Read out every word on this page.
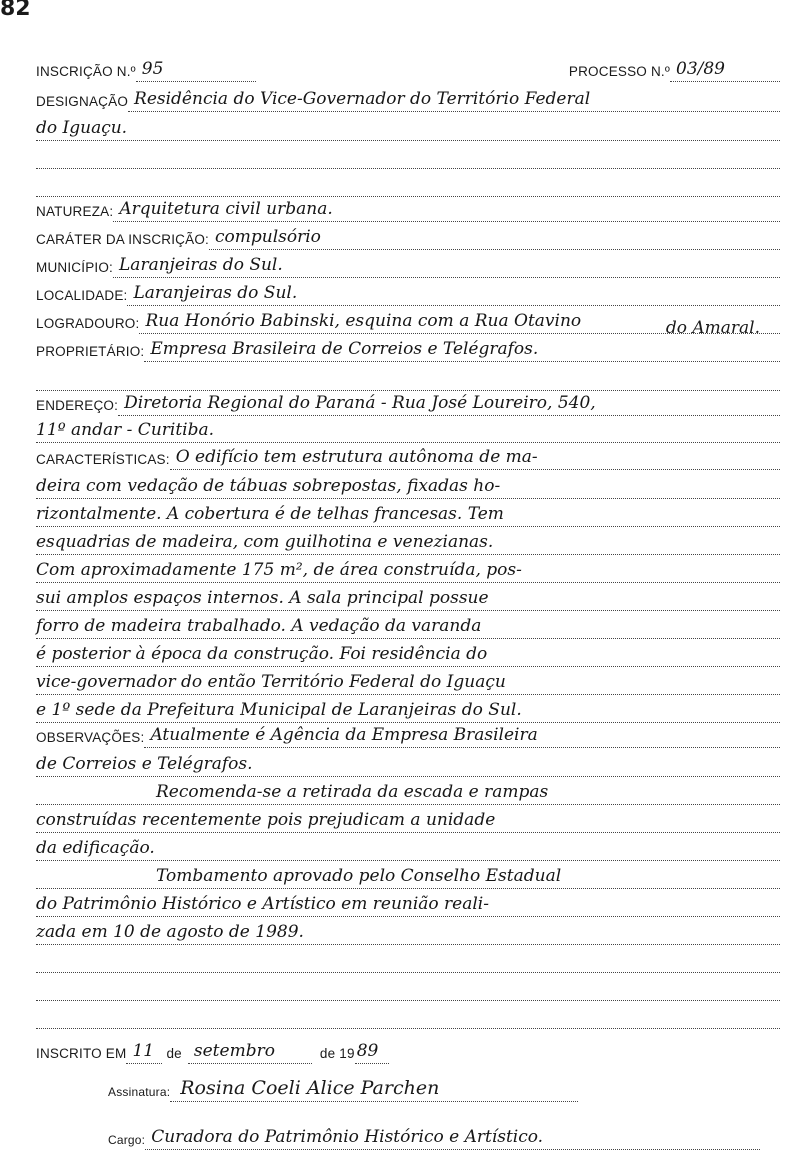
82
INSCRIÇÃO N.º 95	PROCESSO N.º 03/89
DESIGNAÇÃO Residência do Vice-Governador do Território Federal
do Iguaçu.
NATUREZA: Arquitetura civil urbana.
CARÁTER DA INSCRIÇÃO: compulsório
MUNICÍPIO: Laranjeiras do Sul.
LOCALIDADE: Laranjeiras do Sul.
LOGRADOURO: Rua Honório Babinski, esquina com a Rua Otavino	do Amaral.
PROPRIETÁRIO: Empresa Brasileira de Correios e Telégrafos.
ENDEREÇO: Diretoria Regional do Paraná - Rua José Loureiro, 540,
11º andar - Curitiba.
CARACTERÍSTICAS: O edifício tem estrutura autônoma de ma-
deira com vedação de tábuas sobrepostas, fixadas ho-
rizontalmente. A cobertura é de telhas francesas. Tem
esquadrias de madeira, com guilhotina e venezianas.
Com aproximadamente 175 m², de área construída, pos-
sui amplos espaços internos. A sala principal possue
forro de madeira trabalhado. A vedação da varanda
é posterior à época da construção. Foi residência do
vice-governador do então Território Federal do Iguaçu
e 1º sede da Prefeitura Municipal de Laranjeiras do Sul.
OBSERVAÇÕES: Atualmente é Agência da Empresa Brasileira
de Correios e Telégrafos.
Recomenda-se a retirada da escada e rampas
construídas recentemente pois prejudicam a unidade
da edificação.
Tombamento aprovado pelo Conselho Estadual
do Patrimônio Histórico e Artístico em reunião reali-
zada em 10 de agosto de 1989.
INSCRITO EM 11 de setembro	de 19 89
Assinatura: Rosina Coeli Alice Parchen
Cargo: Curadora do Patrimônio Histórico e Artístico.
